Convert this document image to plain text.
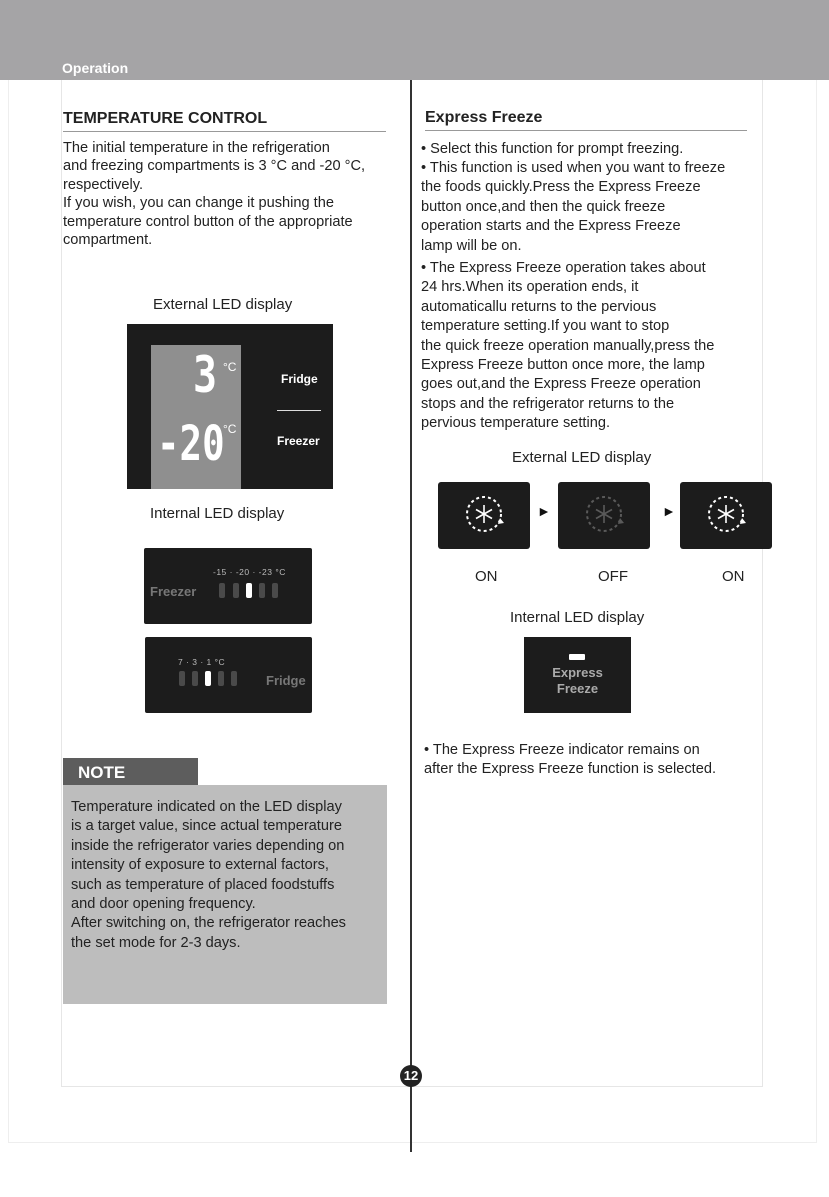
Operation
TEMPERATURE CONTROL
The initial temperature in the refrigeration
and freezing compartments is 3 °C and -20 °C,
respectively.
If you wish, you can change it pushing the
temperature control button of the appropriate
compartment.
External LED display
3 °C
-20
°C
Fridge
Freezer
Internal LED display
-15 · -20 · -23 °C
Freezer
7 · 3 · 1 °C
Fridge
NOTE
Temperature indicated on the LED display
is a target value, since actual temperature
inside the refrigerator varies depending on
intensity of exposure to external factors,
such as temperature of placed foodstuffs
and door opening frequency.
After switching on, the refrigerator reaches
the set mode for 2-3 days.
Express Freeze
• Select this function for prompt freezing.
• This function is used when you want to freeze
the foods quickly.Press the Express Freeze
button once,and then the quick freeze
operation starts and the Express Freeze
lamp will be on.
• The Express Freeze operation takes about
24 hrs.When its operation ends, it
automaticallu returns to the pervious
temperature setting.If you want to stop
the quick freeze operation manually,press the
Express Freeze button once more, the lamp
goes out,and the Express Freeze operation
stops and the refrigerator returns to the
pervious temperature setting.
External LED display
►	►
ON	OFF	ON
Internal LED display
Express
Freeze
• The Express Freeze indicator remains on
after the Express Freeze function is selected.
12
